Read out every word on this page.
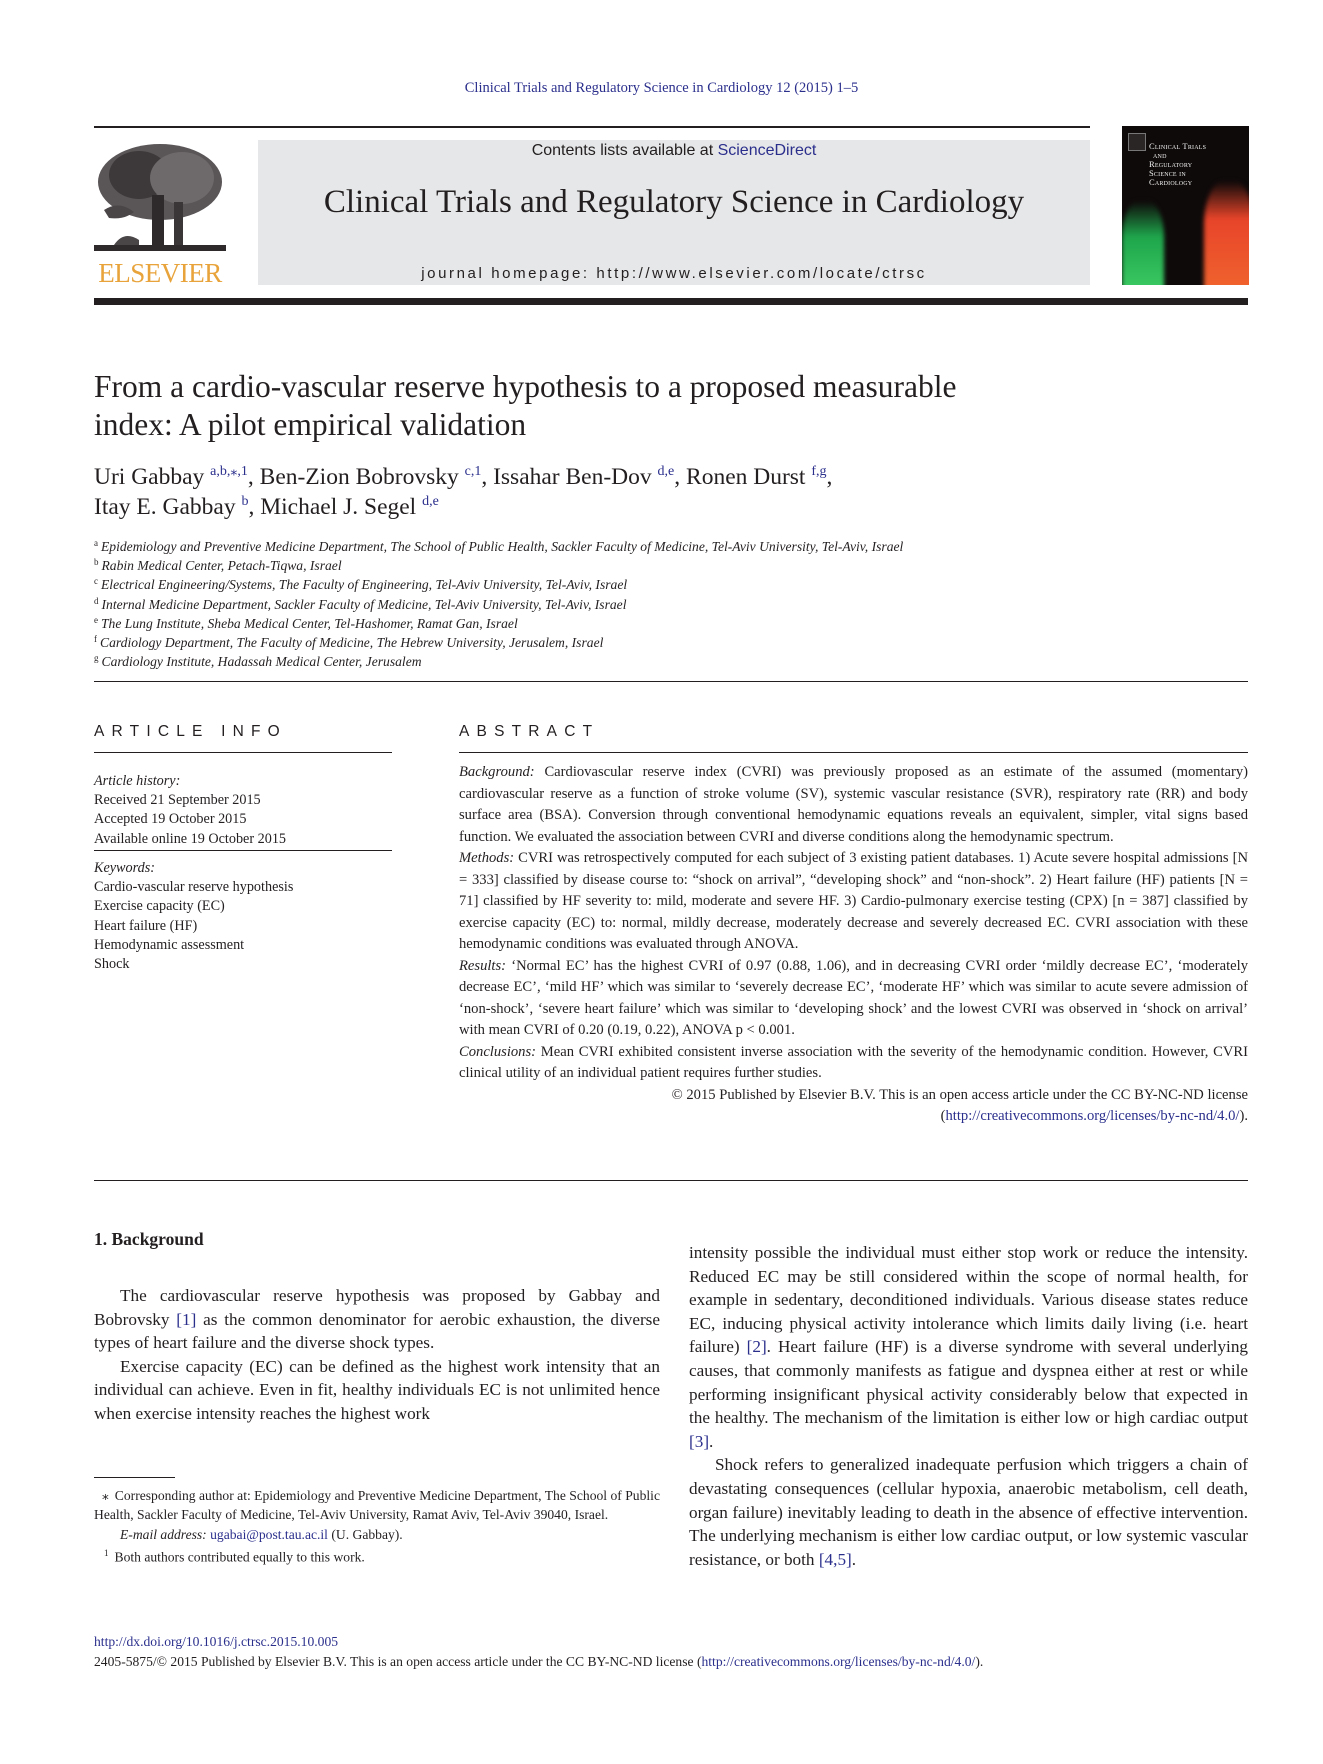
Clinical Trials and Regulatory Science in Cardiology 12 (2015) 1–5
ELSEVIER
Contents lists available at ScienceDirect
Clinical Trials and Regulatory Science in Cardiology
journal homepage: http://www.elsevier.com/locate/ctrsc
Clinical Trials
and
Regulatory
Science in
Cardiology
From a cardio-vascular reserve hypothesis to a proposed measurable
index: A pilot empirical validation
Uri Gabbay $^{a,b,⁎,1}$, Ben-Zion Bobrovsky $^{c,1}$, Issahar Ben-Dov $^{d,e}$, Ronen Durst $^{f,g}$,
Itay E. Gabbay $^b$, Michael J. Segel $^{d,e}$
$^a$ Epidemiology and Preventive Medicine Department, The School of Public Health, Sackler Faculty of Medicine, Tel-Aviv University, Tel-Aviv, Israel
$^b$ Rabin Medical Center, Petach-Tiqwa, Israel
$^c$ Electrical Engineering/Systems, The Faculty of Engineering, Tel-Aviv University, Tel-Aviv, Israel
$^d$ Internal Medicine Department, Sackler Faculty of Medicine, Tel-Aviv University, Tel-Aviv, Israel
$^e$ The Lung Institute, Sheba Medical Center, Tel-Hashomer, Ramat Gan, Israel
$^f$ Cardiology Department, The Faculty of Medicine, The Hebrew University, Jerusalem, Israel
$^g$ Cardiology Institute, Hadassah Medical Center, Jerusalem
ARTICLE INFO
Article history:
Received 21 September 2015
Accepted 19 October 2015
Available online 19 October 2015
Keywords:
Cardio-vascular reserve hypothesis
Exercise capacity (EC)
Heart failure (HF)
Hemodynamic assessment
Shock
ABSTRACT
Background: Cardiovascular reserve index (CVRI) was previously proposed as an estimate of the assumed (momentary) cardiovascular reserve as a function of stroke volume (SV), systemic vascular resistance (SVR), respiratory rate (RR) and body surface area (BSA). Conversion through conventional hemodynamic equations reveals an equivalent, simpler, vital signs based function. We evaluated the association between CVRI and diverse conditions along the hemodynamic spectrum.
Methods: CVRI was retrospectively computed for each subject of 3 existing patient databases. 1) Acute severe hospital admissions [N = 333] classified by disease course to: “shock on arrival”, “developing shock” and “non-shock”. 2) Heart failure (HF) patients [N = 71] classified by HF severity to: mild, moderate and severe HF. 3) Cardio-pulmonary exercise testing (CPX) [n = 387] classified by exercise capacity (EC) to: normal, mildly decrease, moderately decrease and severely decreased EC. CVRI association with these hemodynamic conditions was evaluated through ANOVA.
Results: ‘Normal EC’ has the highest CVRI of 0.97 (0.88, 1.06), and in decreasing CVRI order ‘mildly decrease EC’, ‘moderately decrease EC’, ‘mild HF’ which was similar to ‘severely decrease EC’, ‘moderate HF’ which was similar to acute severe admission of ‘non-shock’, ‘severe heart failure’ which was similar to ‘developing shock’ and the lowest CVRI was observed in ‘shock on arrival’ with mean CVRI of 0.20 (0.19, 0.22), ANOVA p < 0.001.
Conclusions: Mean CVRI exhibited consistent inverse association with the severity of the hemodynamic condition. However, CVRI clinical utility of an individual patient requires further studies.
© 2015 Published by Elsevier B.V. This is an open access article under the CC BY-NC-ND license
(http://creativecommons.org/licenses/by-nc-nd/4.0/).
1. Background

The cardiovascular reserve hypothesis was proposed by Gabbay and Bobrovsky [1] as the common denominator for aerobic exhaustion, the diverse types of heart failure and the diverse shock types.

Exercise capacity (EC) can be defined as the highest work intensity that an individual can achieve. Even in fit, healthy individuals EC is not unlimited hence when exercise intensity reaches the highest work

intensity possible the individual must either stop work or reduce the intensity. Reduced EC may be still considered within the scope of normal health, for example in sedentary, deconditioned individuals. Various disease states reduce EC, inducing physical activity intolerance which limits daily living (i.e. heart failure) [2]. Heart failure (HF) is a diverse syndrome with several underlying causes, that commonly manifests as fatigue and dyspnea either at rest or while performing insignificant physical activity considerably below that expected in the healthy. The mechanism of the limitation is either low or high cardiac output [3].

Shock refers to generalized inadequate perfusion which triggers a chain of devastating consequences (cellular hypoxia, anaerobic metabolism, cell death, organ failure) inevitably leading to death in the absence of effective intervention. The underlying mechanism is either low cardiac output, or low systemic vascular resistance, or both [4,5].

⁎ Corresponding author at: Epidemiology and Preventive Medicine Department, The School of Public Health, Sackler Faculty of Medicine, Tel-Aviv University, Ramat Aviv, Tel-Aviv 39040, Israel.

E-mail address: ugabai@post.tau.ac.il (U. Gabbay).

$^1$ Both authors contributed equally to this work.

http://dx.doi.org/10.1016/j.ctrsc.2015.10.005
2405-5875/© 2015 Published by Elsevier B.V. This is an open access article under the CC BY-NC-ND license (http://creativecommons.org/licenses/by-nc-nd/4.0/).
